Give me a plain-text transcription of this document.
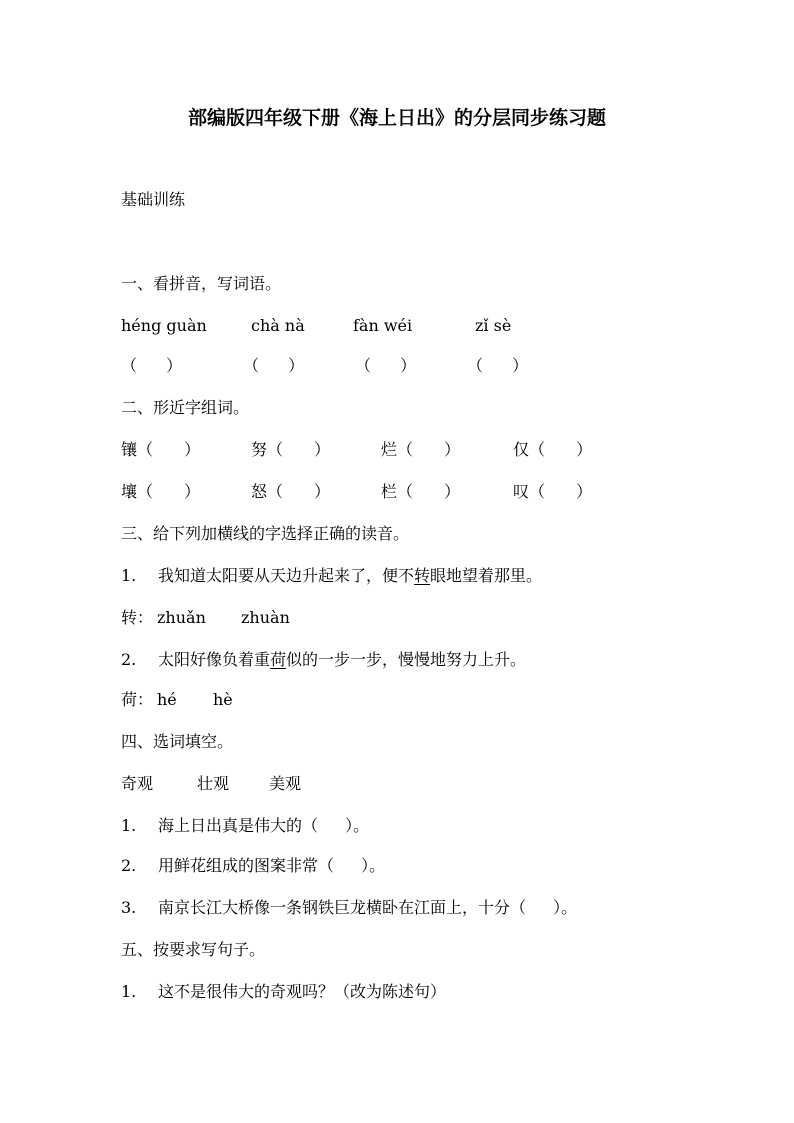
部编版四年级下册《海上日出》的分层同步练习题
基础训练
一、看拼音，写词语。

héng guàn

	chà nà

	fàn wéi

	zǐ sè

（ ）

	（ ）

	（ ）

	（ ）

二、形近字组词。

镶（ ）

	努（ ）

	烂（ ）

	仅（ ）

壤（ ）

	怒（ ）

	栏（ ）

	叹（ ）

三、给下列加横线的字选择正确的读音。
1. 我知道太阳要从天边升起来了，便不转眼地望着那里。

转：

zhuǎn

zhuàn

2. 太阳好像负着重荷似的一步一步，慢慢地努力上升。

荷：

hé

hè

四、选词填空。

奇观

	壮观

美观

1. 海上日出真是伟大的（ ）。
2. 用鲜花组成的图案非常（ ）。
3. 南京长江大桥像一条钢铁巨龙横卧在江面上，十分（ ）。
五、按要求写句子。
1. 这不是很伟大的奇观吗？（改为陈述句）
